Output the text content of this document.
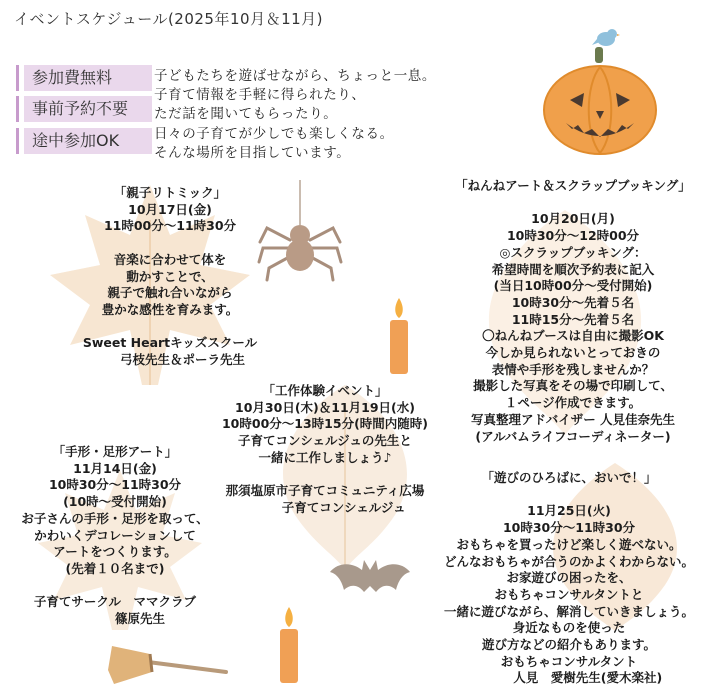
イベントスケジュール(2025年10月＆11月)
参加費無料
事前予約不要
途中参加OK
子どもたちを遊ばせながら、ちょっと一息。
子育て情報を手軽に得られたり、
ただ話を聞いてもらったり。
日々の子育てが少しでも楽しくなる。
そんな場所を目指しています。
「親子リトミック」
10月17日(金)
11時00分～11時30分
音楽に合わせて体を
動かすことで、
親子で触れ合いながら
豊かな感性を育みます。
Sweet Heartキッズスクール
　　弓枝先生＆ポーラ先生
「ねんねアート＆スクラップブッキング」
10月20日(月)
10時30分～12時00分
◎スクラップブッキング：
希望時間を順次予約表に記入
(当日10時00分～受付開始)
10時30分～先着５名
11時15分～先着５名
〇ねんねブースは自由に撮影OK
今しか見られないとっておきの
表情や手形を残しませんか？
撮影した写真をその場で印刷して、
１ページ作成できます。
写真整理アドバイザー 人見佳奈先生
(アルバムライフコーディネーター)
「工作体験イベント」
10月30日(木)＆11月19日(水)
10時00分～13時15分(時間内随時)
子育てコンシェルジュの先生と
一緒に工作しましょう♪
那須塩原市子育てコミュニティ広場
　　　子育てコンシェルジュ
「手形・足形アート」
11月14日(金)
10時30分～11時30分
(10時～受付開始)
お子さんの手形・足形を取って、
かわいくデコレーションして
アートをつくります。
(先着１０名まで)
子育てサークル　ママクラブ
　　　　篠原先生
「遊びのひろばに、おいで！」
11月25日(火)
10時30分～11時30分
おもちゃを買ったけど楽しく遊べない。
どんなおもちゃが合うのかよくわからない。
お家遊びの困ったを、
おもちゃコンサルタントと
一緒に遊びながら、解消していきましょう。
身近なものを使った
遊び方などの紹介もあります。
おもちゃコンサルタント
　　　人見　愛樹先生(愛木楽社)
